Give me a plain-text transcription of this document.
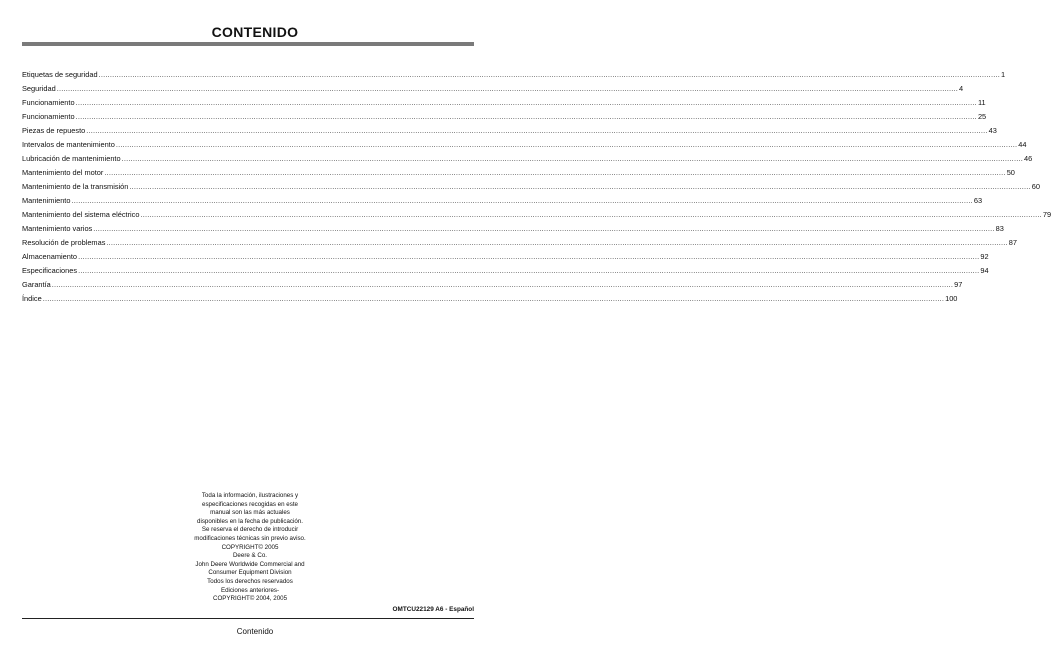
CONTENIDO
Etiquetas de seguridad ................................................................................................................................................................................................................................................................................................................................................................................................................ 1
Seguridad ................................................................................................................................................................................................................................................................................................................................................................................................................ 4
Funcionamiento ................................................................................................................................................................................................................................................................................................................................................................................................................ 11
Funcionamiento ................................................................................................................................................................................................................................................................................................................................................................................................................ 25
Piezas de repuesto ................................................................................................................................................................................................................................................................................................................................................................................................................ 43
Intervalos de mantenimiento ................................................................................................................................................................................................................................................................................................................................................................................................................ 44
Lubricación de mantenimiento ................................................................................................................................................................................................................................................................................................................................................................................................................ 46
Mantenimiento del motor ................................................................................................................................................................................................................................................................................................................................................................................................................ 50
Mantenimiento de la transmisión ................................................................................................................................................................................................................................................................................................................................................................................................................ 60
Mantenimiento ................................................................................................................................................................................................................................................................................................................................................................................................................ 63
Mantenimiento del sistema eléctrico ................................................................................................................................................................................................................................................................................................................................................................................................................ 79
Mantenimiento varios ................................................................................................................................................................................................................................................................................................................................................................................................................ 83
Resolución de problemas ................................................................................................................................................................................................................................................................................................................................................................................................................ 87
Almacenamiento ................................................................................................................................................................................................................................................................................................................................................................................................................ 92
Especificaciones ................................................................................................................................................................................................................................................................................................................................................................................................................ 94
Garantía ................................................................................................................................................................................................................................................................................................................................................................................................................ 97
Índice ................................................................................................................................................................................................................................................................................................................................................................................................................ 100
Toda la información, ilustraciones y
especificaciones recogidas en este
manual son las más actuales
disponibles en la fecha de publicación.
Se reserva el derecho de introducir
modificaciones técnicas sin previo aviso.
COPYRIGHT© 2005
Deere & Co.
John Deere Worldwide Commercial and
Consumer Equipment Division
Todos los derechos reservados
Ediciones anteriores-
COPYRIGHT© 2004, 2005
OMTCU22129 A6 - Español
Contenido
